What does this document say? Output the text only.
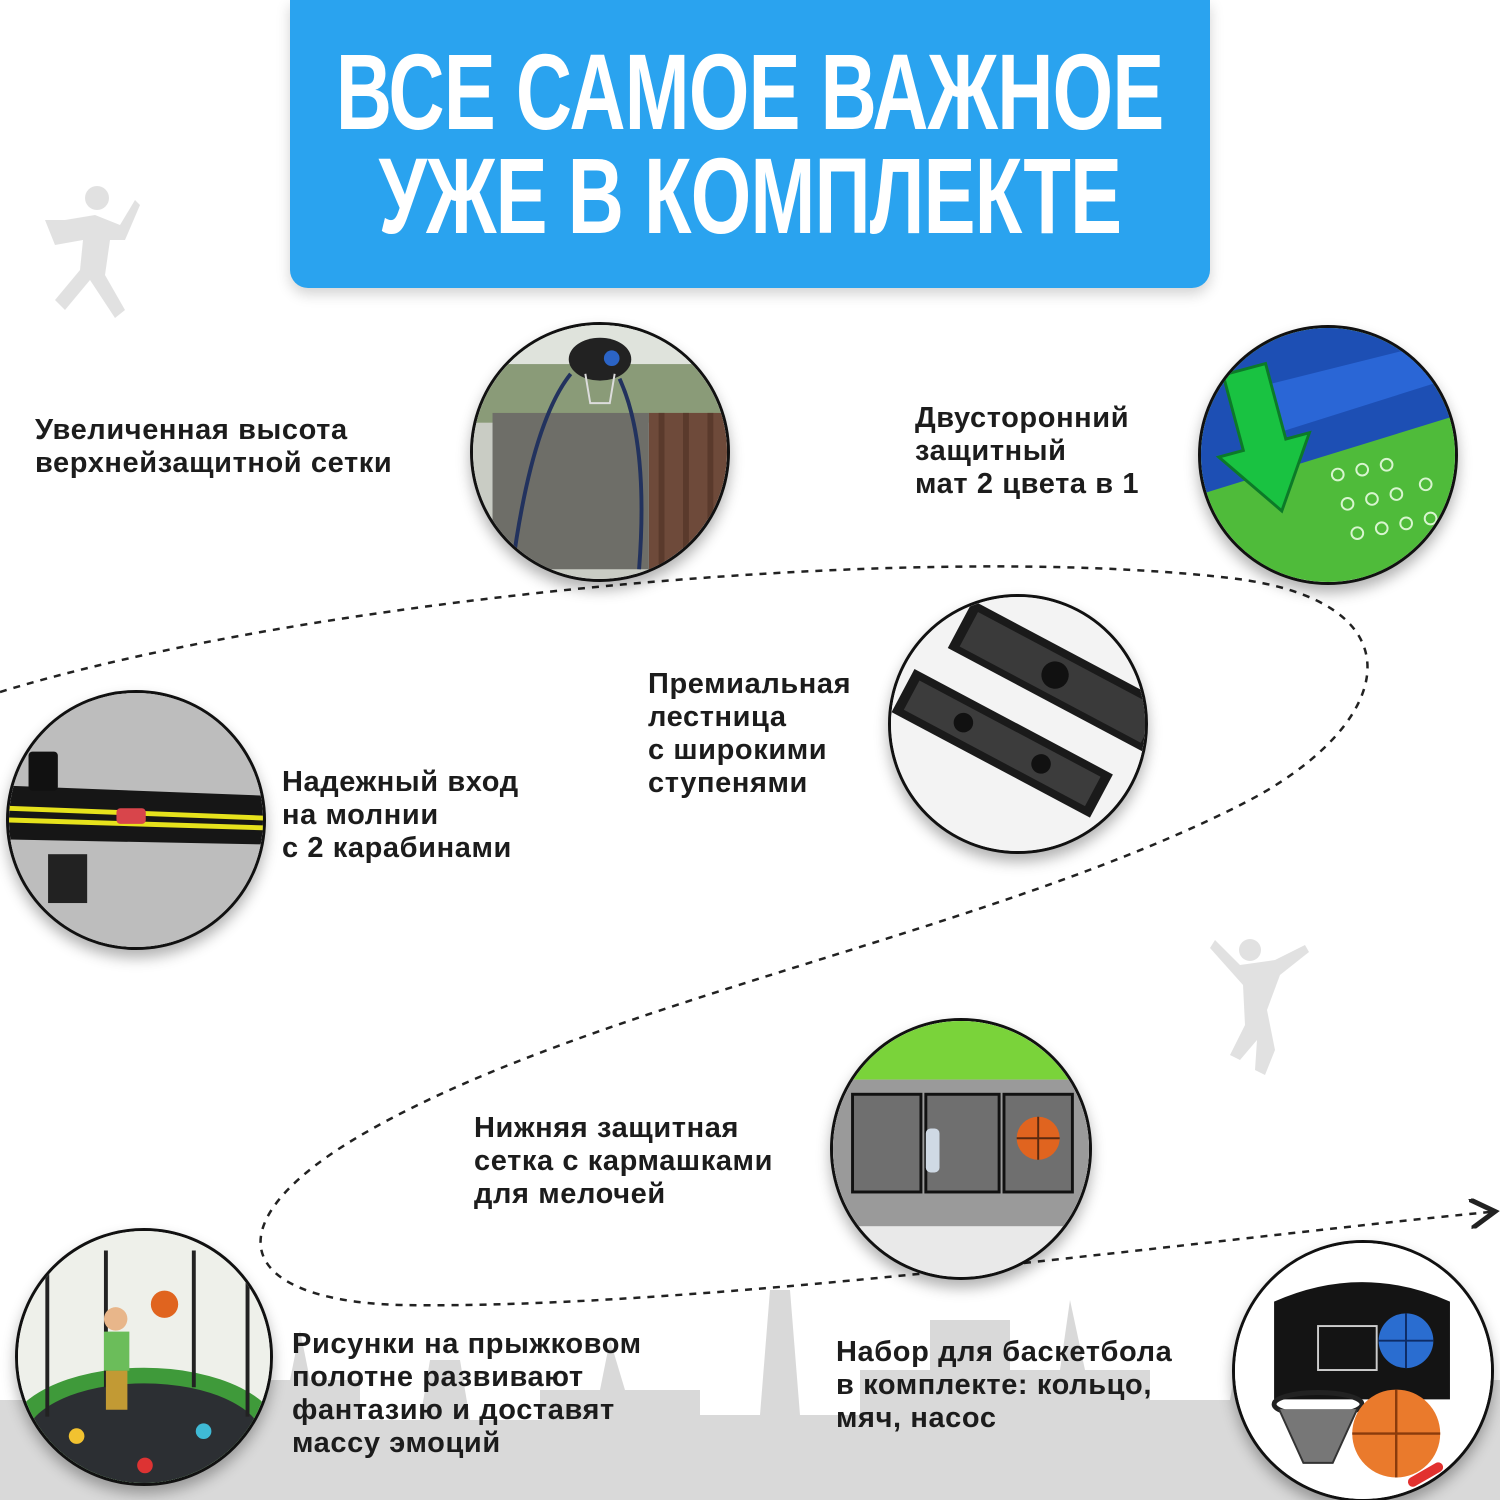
ВСЕ САМОЕ ВАЖНОЕ
УЖЕ В КОМПЛЕКТЕ
Увеличенная высота
верхнейзащитной сетки
Двусторонний
защитный
мат 2 цвета в 1
Премиальная
лестница
с широкими
ступенями
Надежный вход
на молнии
с 2 карабинами
Нижняя защитная
сетка с кармашками
для мелочей
Рисунки на прыжковом
полотне развивают
фантазию и доставят
массу эмоций
Набор для баскетбола
в комплекте: кольцо,
мяч, насос
